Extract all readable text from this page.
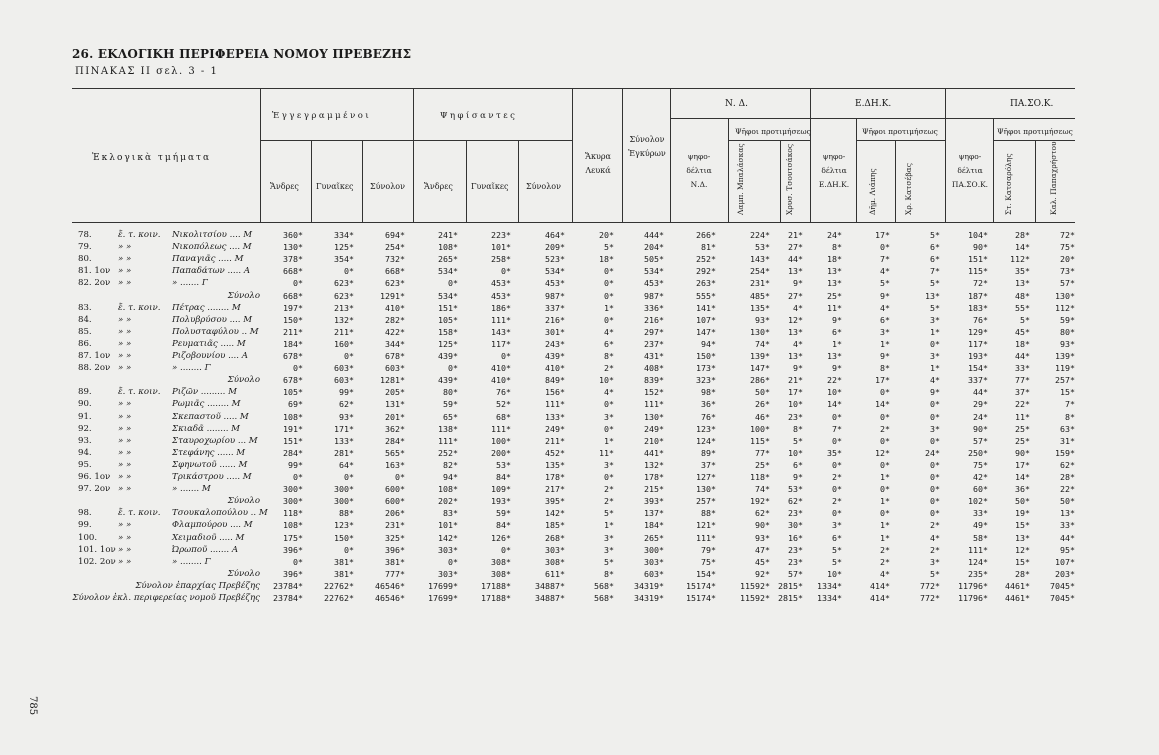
26. ΕΚΛΟΓΙΚΗ ΠΕΡΙΦΕΡΕΙΑ ΝΟΜΟΥ ΠΡΕΒΕΖΗΣ
ΠΙΝΑΚΑΣ ΙΙ σελ. 3 - 1
785
Ἐκλογικὰ τμήματα
Ἐγγεγραμμένοι	Ψηφίσαντες
Ἄνδρες Γυναῖκες Σύνολον Ἄνδρες Γυναῖκες Σύνολον
Ἄκυρα Λευκά
Σύνολον Ἐγκύρων
Ν. Δ.	Ε.ΔΗ.Κ.	ΠΑ.ΣΟ.Κ.
Ψῆφοι προτιμήσεως	Ψῆφοι προτιμήσεως	Ψῆφοι προτιμήσεως
ψηφο-δέλτια Ν.Δ.
ψηφο-δέλτια Ε.ΔΗ.Κ.
ψηφο-δέλτια ΠΑ.ΣΟ.Κ.
Λαμπ. Μπαλάσκας	Χρυσ. Τσουτσάκος	Δῆμ. Λιάπης	Χρ. Κατσέβας	Στ. Κατσαρόλης	Καλ. Παπαχρήστου
78.	ἔ. τ. κοιν. Νικολιτσίου .... Μ	360*	334*	694*	241*	223*	464*	20*	444*	266*	224* 21*	24*	17*	5*	104*	28*	72*
79.	» »	Νικοπόλεως .... Μ	130*	125*	254*	108*	101*	209*	5*	204*	81*	53* 27*	8*	0*	6*	90*	14*	75*
80.	» »	Παναγιᾶς ..... Μ	378*	354*	732*	265*	258*	523*	18*	505*	252*	143* 44*	18*	7*	6*	151*	112*	20*
81. 1ον » »	Παπαδάτων ..... Α	668*	0*	668*	534*	0*	534*	0*	534*	292*	254* 13*	13*	4*	7*	115*	35*	73*
82. 2ον » »	» ....... Γ	0*	623*	623*	0*	453*	453*	0*	453*	263*	231*	9*	13*	5*	5*	72*	13*	57*
Σύνολο	668*	623*	1291*	534*	453*	987*	0*	987*	555*	485* 27*	25*	9*	13*	187*	48*	130*
83.	ἔ. τ. κοιν. Πέτρας ........ Μ	197*	213*	410*	151*	186*	337*	1*	336*	141*	135*	4*	11*	4*	5*	183*	55*	112*
84.	» »	Πολυβρύσου .... Μ	150*	132*	282*	105*	111*	216*	0*	216*	107*	93* 12*	9*	6*	3*	76*	5*	59*
85.	» »	Πολυσταφύλου .. Μ	211*	211*	422*	158*	143*	301*	4*	297*	147*	130* 13*	6*	3*	1*	129*	45*	80*
86.	» »	Ρευματιᾶς ..... Μ	184*	160*	344*	125*	117*	243*	6*	237*	94*	74*	4*	1*	1*	0*	117*	18*	93*
87. 1ον » »	Ριζοβουνίου .... Α	678*	0*	678*	439*	0*	439*	8*	431*	150*	139* 13*	13*	9*	3*	193*	44*	139*
88. 2ον » »	» ........ Γ	0*	603*	603*	0*	410*	410*	2*	408*	173*	147*	9*	9*	8*	1*	154*	33*	119*
Σύνολο	678*	603*	1281*	439*	410*	849*	10*	839*	323*	286* 21*	22*	17*	4*	337*	77*	257*
89.	ἔ. τ. κοιν. Ριζῶν ......... Μ	105*	99*	205*	80*	76*	156*	4*	152*	98*	50* 17*	10*	0*	9*	44*	37*	15*
90.	» »	Ρωμιᾶς ........ Μ	69*	62*	131*	59*	52*	111*	0*	111*	36*	26* 10*	14*	14*	0*	29*	22*	7*
91.	» »	Σκεπαστοῦ ..... Μ	108*	93*	201*	65*	68*	133*	3*	130*	76*	46* 23*	0*	0*	0*	24*	11*	8*
92.	» »	Σκιαδᾶ ........ Μ	191*	171*	362*	138*	111*	249*	0*	249*	123*	100*	8*	7*	2*	3*	90*	25*	63*
93.	» »	Σταυροχωρίου ... Μ	151*	133*	284*	111*	100*	211*	1*	210*	124*	115*	5*	0*	0*	0*	57*	25*	31*
94.	» »	Στεφάνης ...... Μ	284*	281*	565*	252*	200*	452*	11*	441*	89*	77* 10*	35*	12*	24*	250*	90*	159*
95.	» »	Σφηνωτοῦ ...... Μ	99*	64*	163*	82*	53*	135*	3*	132*	37*	25*	6*	0*	0*	0*	75*	17*	62*
96. 1ον » »	Τρικάστρου ..... Μ	0*	0*	0*	94*	84*	178*	0*	178*	127*	118*	9*	2*	1*	0*	42*	14*	28*
97. 2ον » »	» ....... Μ	300*	300*	600*	108*	109*	217*	2*	215*	130*	74* 53*	0*	0*	0*	60*	36*	22*
Σύνολο	300*	300*	600*	202*	193*	395*	2*	393*	257*	192* 62*	2*	1*	0*	102*	50*	50*
98.	ἔ. τ. κοιν. Τσουκαλοπούλου .. Μ 118*	88*	206*	83*	59*	142*	5*	137*	88*	62* 23*	0*	0*	0*	33*	19*	13*
99.	» »	Φλαμπούρου .... Μ	108*	123*	231*	101*	84*	185*	1*	184*	121*	90* 30*	3*	1*	2*	49*	15*	33*
100. » »	Χειμαδιοῦ ..... Μ	175*	150*	325*	142*	126*	268*	3*	265*	111*	93* 16*	6*	1*	4*	58*	13*	44*
101. 1ον » »	Ὠρωποῦ ....... Α	396*	0*	396*	303*	0*	303*	3*	300*	79*	47* 23*	5*	2*	2*	111*	12*	95*
102. 2ον » »	» ........ Γ	0*	381*	381*	0*	308*	308*	5*	303*	75*	45* 23*	5*	2*	3*	124*	15*	107*
Σύνολο	396*	381*	777*	303*	308*	611*	8*	603*	154*	92* 57*	10*	4*	5*	235*	28*	203*
Σύνολον ἐπαρχίας Πρεβέζης 23784*	22762*	46546*	17699*	17188*	34887*	568* 34319*	15174*	11592* 2815* 1334*	414*	772* 11796* 4461* 7045*
Σύνολον ἐκλ. περιφερείας νομοῦ Πρεβέζης 23784*	22762*	46546*	17699*	17188*	34887*	568* 34319*	15174*	11592* 2815* 1334*	414*	772* 11796* 4461* 7045*
